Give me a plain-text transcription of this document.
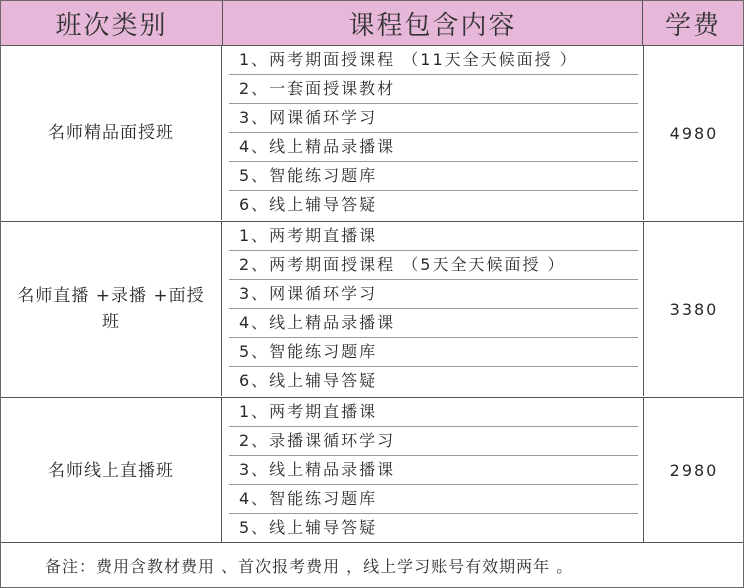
班次类别	课程包含内容	学费
名师精品面授班
1、两考期面授课程 （11天全天候面授 ）
2、一套面授课教材
3、网课循环学习
4、线上精品录播课
5、智能练习题库
6、线上辅导答疑
4980
名师直播 +录播 +面授班
1、两考期直播课
2、两考期面授课程 （5天全天候面授 ）
3、网课循环学习
4、线上精品录播课
5、智能练习题库
6、线上辅导答疑
3380
名师线上直播班
1、两考期直播课
2、录播课循环学习
3、线上精品录播课
4、智能练习题库
5、线上辅导答疑
2980
备注：费用含教材费用 、首次报考费用 ，线上学习账号有效期两年 。
